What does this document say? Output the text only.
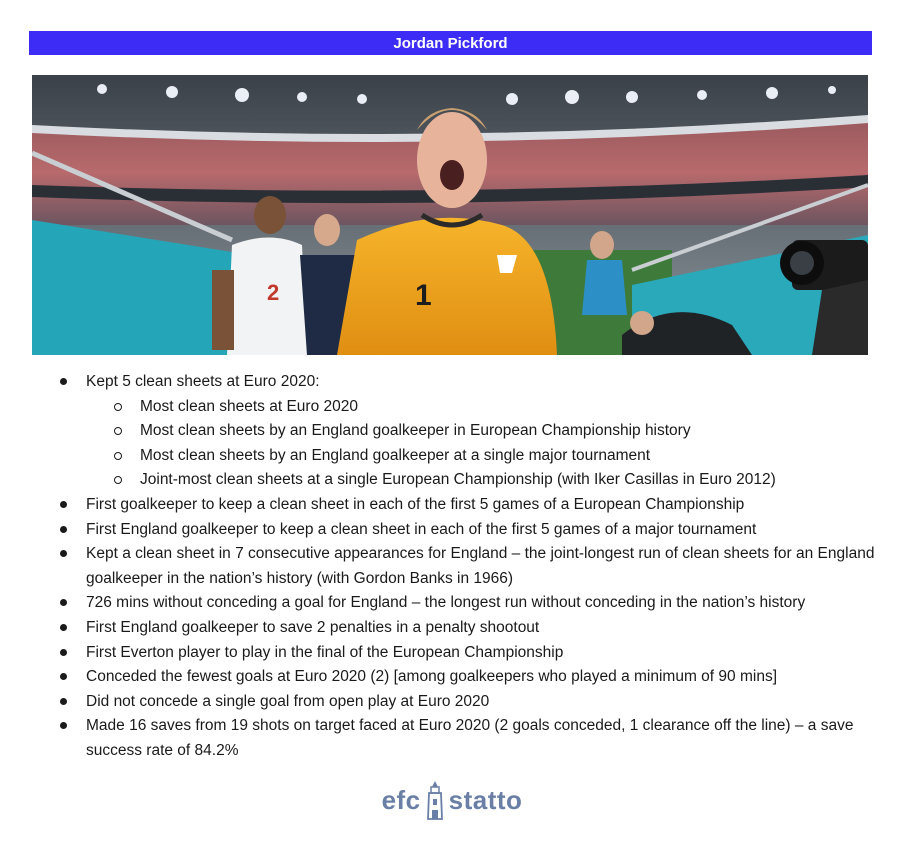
Jordan Pickford
2	1
Kept 5 clean sheets at Euro 2020:
Most clean sheets at Euro 2020
Most clean sheets by an England goalkeeper in European Championship history
Most clean sheets by an England goalkeeper at a single major tournament
Joint-most clean sheets at a single European Championship (with Iker Casillas in Euro 2012)
First goalkeeper to keep a clean sheet in each of the first 5 games of a European Championship
First England goalkeeper to keep a clean sheet in each of the first 5 games of a major tournament
Kept a clean sheet in 7 consecutive appearances for England – the joint-longest run of clean sheets for an England goalkeeper in the nation’s history (with Gordon Banks in 1966)
726 mins without conceding a goal for England – the longest run without conceding in the nation’s history
First England goalkeeper to save 2 penalties in a penalty shootout
First Everton player to play in the final of the European Championship
Conceded the fewest goals at Euro 2020 (2) [among goalkeepers who played a minimum of 90 mins]
Did not concede a single goal from open play at Euro 2020
Made 16 saves from 19 shots on target faced at Euro 2020 (2 goals conceded, 1 clearance off the line) – a save success rate of 84.2%
efc statto
